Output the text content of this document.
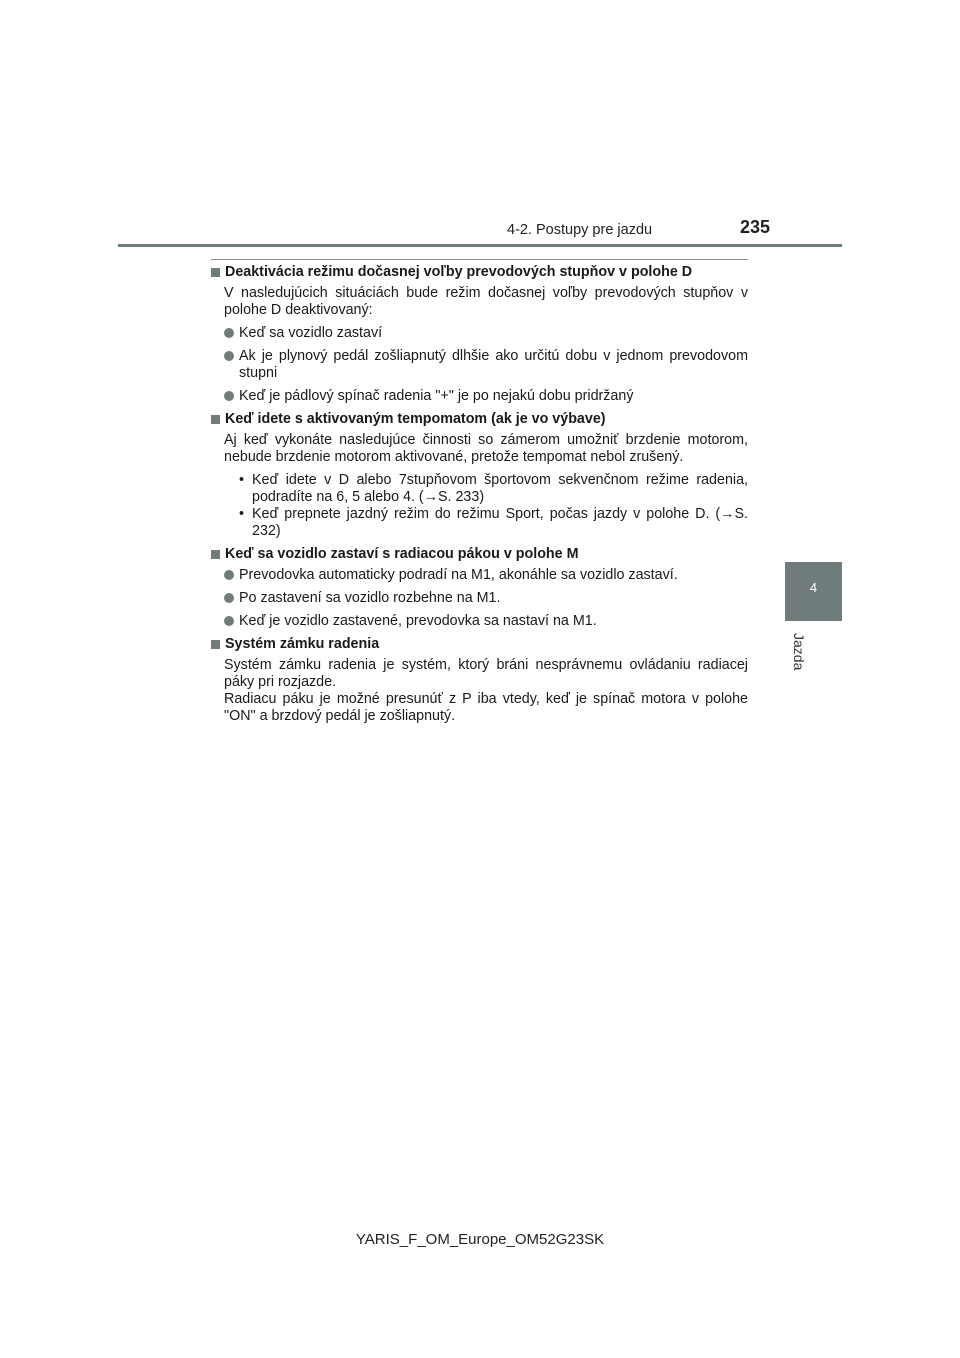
4-2. Postupy pre jazdu	235
4
Jazda
Deaktivácia režimu dočasnej voľby prevodových stupňov v polohe D
V nasledujúcich situáciách bude režim dočasnej voľby prevodových stupňov v polohe D deaktivovaný:
Keď sa vozidlo zastaví
Ak je plynový pedál zošliapnutý dlhšie ako určitú dobu v jednom prevodovom stupni
Keď je pádlový spínač radenia "+" je po nejakú dobu pridržaný
Keď idete s aktivovaným tempomatom (ak je vo výbave)
Aj keď vykonáte nasledujúce činnosti so zámerom umožniť brzdenie motorom, nebude brzdenie motorom aktivované, pretože tempomat nebol zrušený.
• Keď idete v D alebo 7stupňovom športovom sekvenčnom režime radenia, podradíte na 6, 5 alebo 4. (→S. 233)
• Keď prepnete jazdný režim do režimu Sport, počas jazdy v polohe D. (→S. 232)
Keď sa vozidlo zastaví s radiacou pákou v polohe M
Prevodovka automaticky podradí na M1, akonáhle sa vozidlo zastaví.
Po zastavení sa vozidlo rozbehne na M1.
Keď je vozidlo zastavené, prevodovka sa nastaví na M1.
Systém zámku radenia
Systém zámku radenia je systém, ktorý bráni nesprávnemu ovládaniu radiacej páky pri rozjazde.
Radiacu páku je možné presunúť z P iba vtedy, keď je spínač motora v polohe "ON" a brzdový pedál je zošliapnutý.
YARIS_F_OM_Europe_OM52G23SK
